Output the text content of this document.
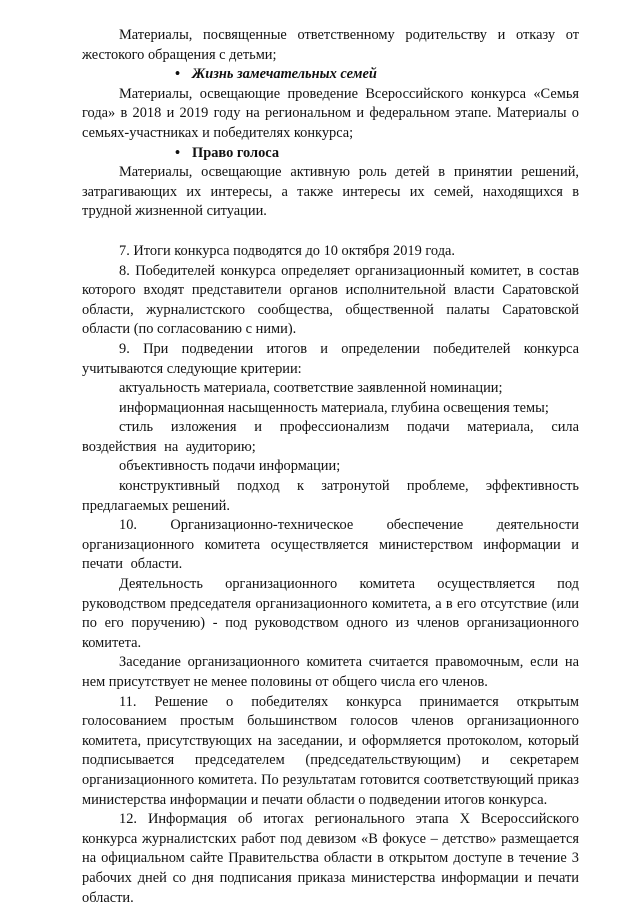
Материалы, посвященные ответственному родительству и отказу от жестокого обращения с детьми;

• Жизнь замечательных семей

Материалы, освещающие проведение Всероссийского конкурса «Семья года» в 2018 и 2019 году на региональном и федеральном этапе. Материалы о семьях-участниках и победителях конкурса;

• Право голоса

Материалы, освещающие активную роль детей в принятии решений, затрагивающих их интересы, а также интересы их семей, находящихся в трудной жизненной ситуации.

7. Итоги конкурса подводятся до 10 октября 2019 года.

8. Победителей конкурса определяет организационный комитет, в состав которого входят представители органов исполнительной власти Саратовской области, журналистского сообщества, общественной палаты Саратовской области (по согласованию с ними).

9. При подведении итогов и определении победителей конкурса учитываются следующие критерии:

актуальность материала, соответствие заявленной номинации;

информационная насыщенность материала, глубина освещения темы;

стиль изложения и профессионализм подачи материала, сила воздействия на аудиторию;

объективность подачи информации;

конструктивный подход к затронутой проблеме, эффективность предлагаемых решений.

10. Организационно-техническое обеспечение деятельности организационного комитета осуществляется министерством информации и печати области.

Деятельность организационного комитета осуществляется под руководством председателя организационного комитета, а в его отсутствие (или по его поручению) - под руководством одного из членов организационного комитета.

Заседание организационного комитета считается правомочным, если на нем присутствует не менее половины от общего числа его членов.

11. Решение о победителях конкурса принимается открытым голосованием простым большинством голосов членов организационного комитета, присутствующих на заседании, и оформляется протоколом, который подписывается председателем (председательствующим) и секретарем организационного комитета. По результатам готовится соответствующий приказ министерства информации и печати области о подведении итогов конкурса.

12. Информация об итогах регионального этапа X Всероссийского конкурса журналистских работ под девизом «В фокусе – детство» размещается на официальном сайте Правительства области в открытом доступе в течение 3 рабочих дней со дня подписания приказа министерства информации и печати области.
